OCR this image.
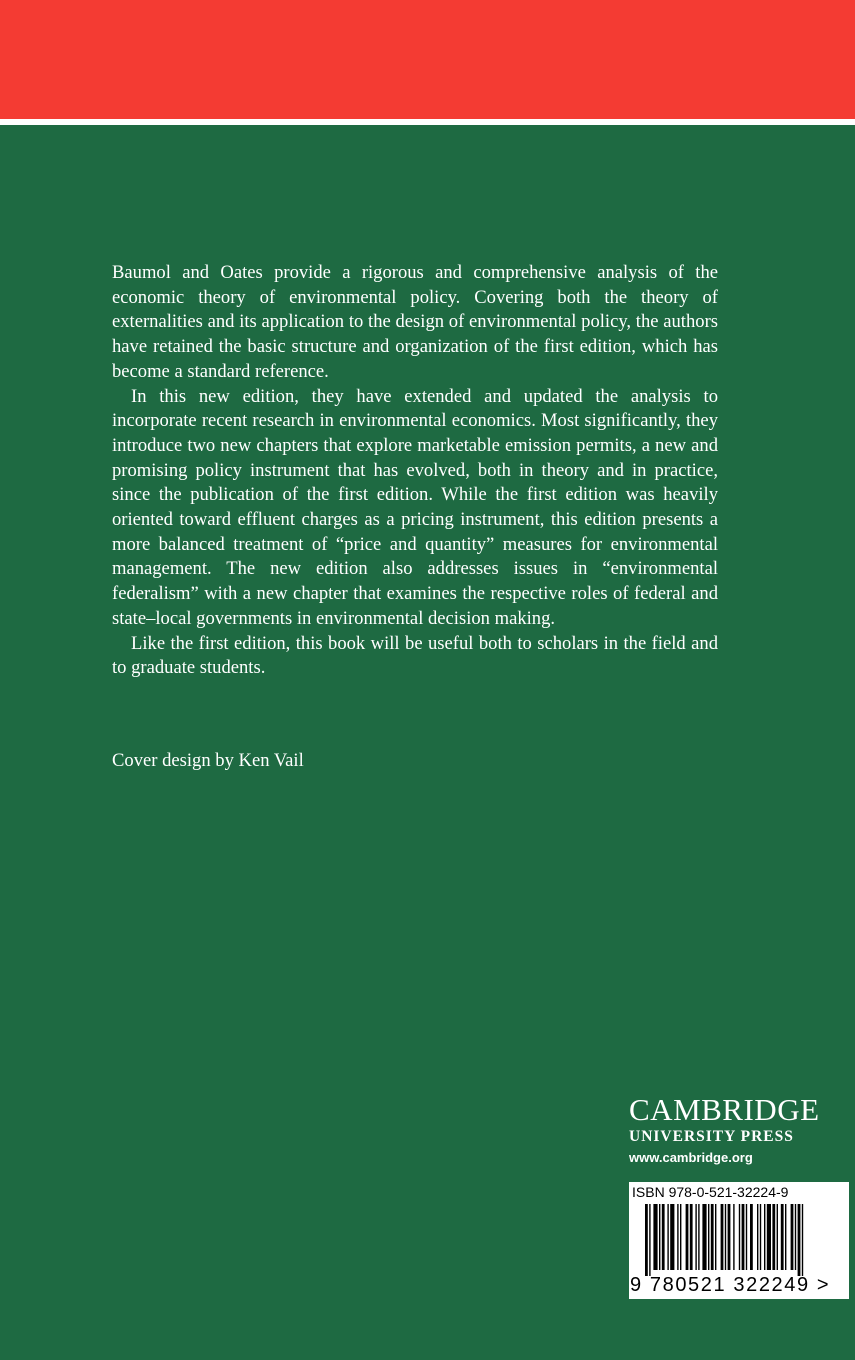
Baumol and Oates provide a rigorous and comprehensive analysis of the economic theory of environmental policy. Covering both the theory of externalities and its application to the design of environmental policy, the authors have retained the basic structure and organization of the first edition, which has become a standard reference.

In this new edition, they have extended and updated the analysis to incorporate recent research in environmental economics. Most significantly, they introduce two new chapters that explore marketable emission permits, a new and promising policy instrument that has evolved, both in theory and in practice, since the publication of the first edition. While the first edition was heavily oriented toward effluent charges as a pricing instrument, this edition presents a more balanced treatment of “price and quantity” measures for environmental management. The new edition also addresses issues in “environmental federalism” with a new chapter that examines the respective roles of federal and state–local governments in environmental decision making.

Like the first edition, this book will be useful both to scholars in the field and to graduate students.

Cover design by Ken Vail
CAMBRIDGE
UNIVERSITY PRESS
www.cambridge.org
ISBN 978-0-521-32224-9
9 780521 322249 >
